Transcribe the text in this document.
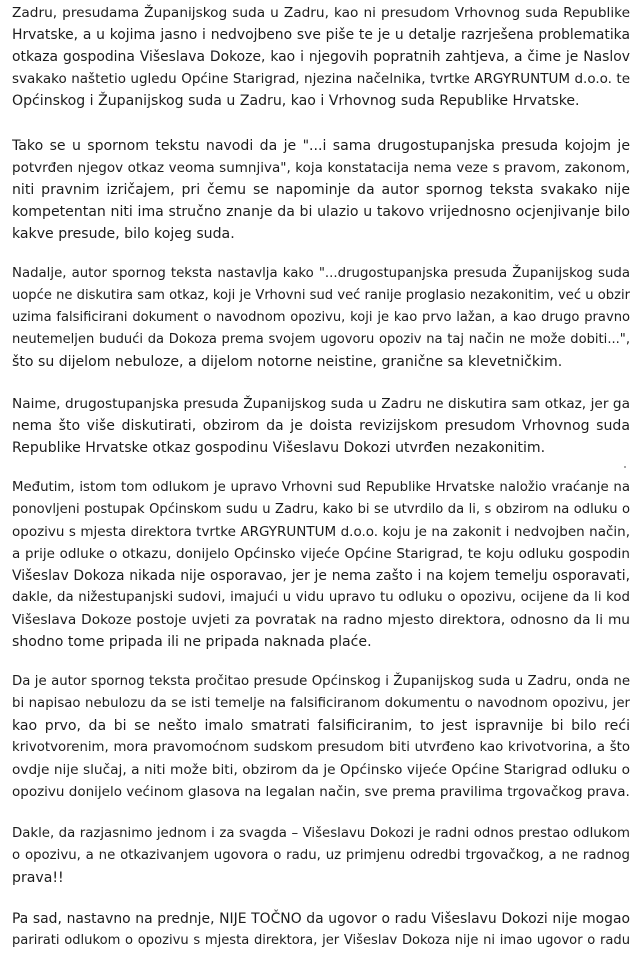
Zadru, presudama Županijskog suda u Zadru, kao ni presudom Vrhovnog suda Republike
Hrvatske, a u kojima jasno i nedvojbeno sve piše te je u detalje razrješena problematika
otkaza gospodina Višeslava Dokoze, kao i njegovih popratnih zahtjeva, a čime je Naslov
svakako naštetio ugledu Općine Starigrad, njezina načelnika, tvrtke ARGYRUNTUM d.o.o. te
Općinskog i Županijskog suda u Zadru, kao i Vrhovnog suda Republike Hrvatske.
Tako se u spornom tekstu navodi da je "...i sama drugostupanjska presuda kojojm je
potvrđen njegov otkaz veoma sumnjiva", koja konstatacija nema veze s pravom, zakonom,
niti pravnim izričajem, pri čemu se napominje da autor spornog teksta svakako nije
kompetentan niti ima stručno znanje da bi ulazio u takovo vrijednosno ocjenjivanje bilo
kakve presude, bilo kojeg suda.
Nadalje, autor spornog teksta nastavlja kako "...drugostupanjska presuda Županijskog suda
uopće ne diskutira sam otkaz, koji je Vrhovni sud već ranije proglasio nezakonitim, već u obzir
uzima falsificirani dokument o navodnom opozivu, koji je kao prvo lažan, a kao drugo pravno
neutemeljen budući da Dokoza prema svojem ugovoru opoziv na taj način ne može dobiti...",
što su dijelom nebuloze, a dijelom notorne neistine, granične sa klevetničkim.
Naime, drugostupanjska presuda Županijskog suda u Zadru ne diskutira sam otkaz, jer ga
nema što više diskutirati, obzirom da je doista revizijskom presudom Vrhovnog suda
Republike Hrvatske otkaz gospodinu Višeslavu Dokozi utvrđen nezakonitim.
Međutim, istom tom odlukom je upravo Vrhovni sud Republike Hrvatske naložio vraćanje na
ponovljeni postupak Općinskom sudu u Zadru, kako bi se utvrdilo da li, s obzirom na odluku o
opozivu s mjesta direktora tvrtke ARGYRUNTUM d.o.o. koju je na zakonit i nedvojben način,
a prije odluke o otkazu, donijelo Općinsko vijeće Općine Starigrad, te koju odluku gospodin
Višeslav Dokoza nikada nije osporavao, jer je nema zašto i na kojem temelju osporavati,
dakle, da nižestupanjski sudovi, imajući u vidu upravo tu odluku o opozivu, ocijene da li kod
Višeslava Dokoze postoje uvjeti za povratak na radno mjesto direktora, odnosno da li mu
shodno tome pripada ili ne pripada naknada plaće.
Da je autor spornog teksta pročitao presude Općinskog i Županijskog suda u Zadru, onda ne
bi napisao nebulozu da se isti temelje na falsificiranom dokumentu o navodnom opozivu, jer
kao prvo, da bi se nešto imalo smatrati falsificiranim, to jest ispravnije bi bilo reći
krivotvorenim, mora pravomoćnom sudskom presudom biti utvrđeno kao krivotvorina, a što
ovdje nije slučaj, a niti može biti, obzirom da je Općinsko vijeće Općine Starigrad odluku o
opozivu donijelo većinom glasova na legalan način, sve prema pravilima trgovačkog prava.
Dakle, da razjasnimo jednom i za svagda – Višeslavu Dokozi je radni odnos prestao odlukom
o opozivu, a ne otkazivanjem ugovora o radu, uz primjenu odredbi trgovačkog, a ne radnog
prava!!
Pa sad, nastavno na prednje, NIJE TOČNO da ugovor o radu Višeslavu Dokozi nije mogao
parirati odlukom o opozivu s mjesta direktora, jer Višeslav Dokoza nije ni imao ugovor o radu
